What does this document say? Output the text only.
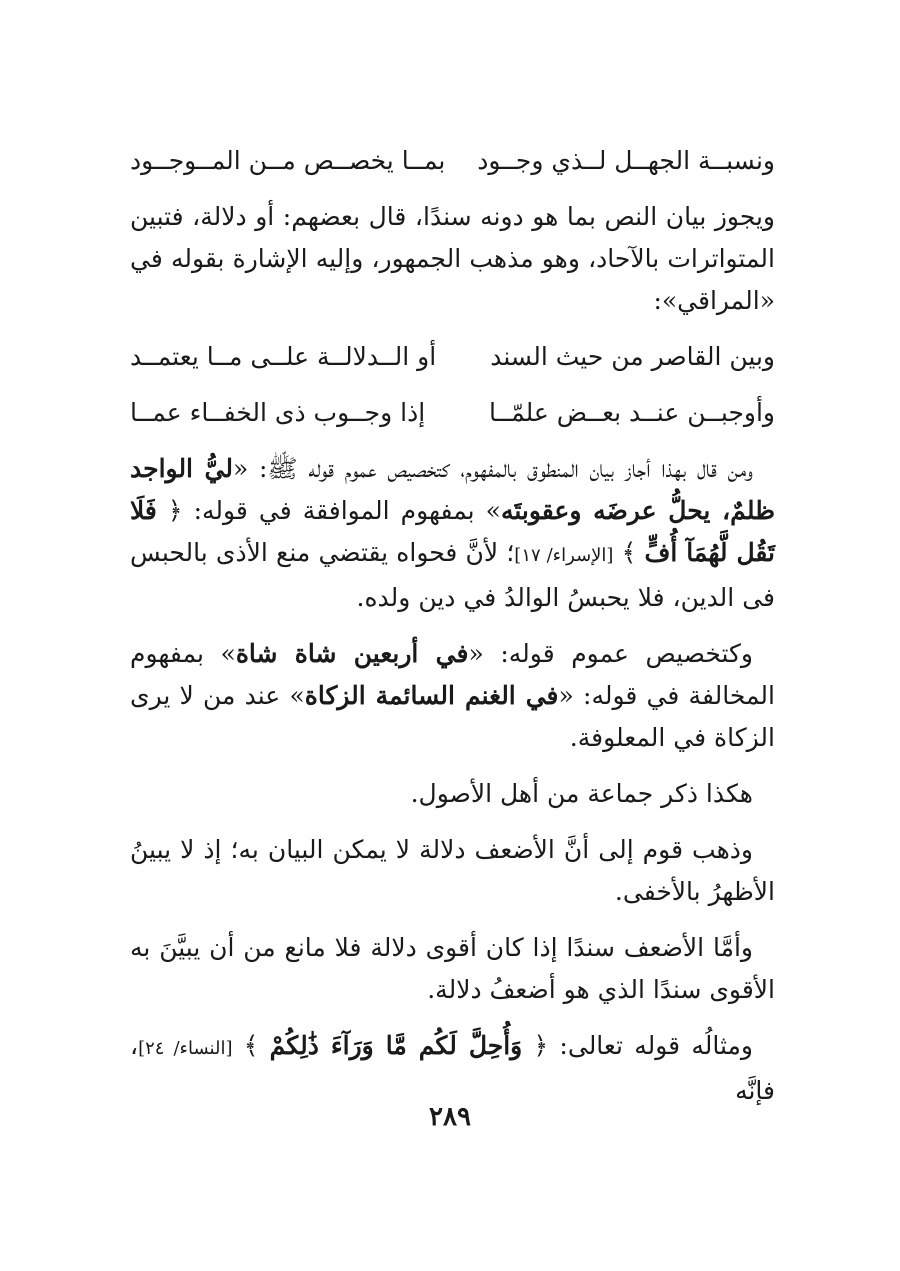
ونسبــة الجهــل لــذي وجــود
بمــا يخصــص مــن المــوجــود

ويجوز بيان النص بما هو دونه سندًا، قال بعضهم: أو دلالة، فتبين المتواترات بالآحاد، وهو مذهب الجمهور، وإليه الإشارة بقوله في «المراقي»:

وبين القاصر من حيث السند
أو الــدلالــة علــى مــا يعتمــد
وأوجبــن عنــد بعــض علمّــا
إذا وجــوب ذى الخفــاء عمــا

ومن قال بهذا أجاز بيان المنطوق بالمفهوم، كتخصيص عموم قوله ﷺ: «ليُّ الواجد ظلمٌ، يحلُّ عرضَه وعقوبتَه» بمفهوم الموافقة في قوله: ﴿ فَلَا تَقُل لَّهُمَآ أُفٍّ ﴾ [الإسراء/ ١٧]؛ لأنَّ فحواه يقتضي منع الأذى بالحبس فى الدين، فلا يحبسُ الوالدُ في دين ولده.

وكتخصيص عموم قوله: «في أربعين شاة شاة» بمفهوم المخالفة في قوله: «في الغنم السائمة الزكاة» عند من لا يرى الزكاة في المعلوفة.

هكذا ذكر جماعة من أهل الأصول.

وذهب قوم إلى أنَّ الأضعف دلالة لا يمكن البيان به؛ إذ لا يبينُ الأظهرُ بالأخفى.

وأمَّا الأضعف سندًا إذا كان أقوى دلالة فلا مانع من أن يبيَّنَ به الأقوى سندًا الذي هو أضعفُ دلالة.

ومثالُه قوله تعالى: ﴿ وَأُحِلَّ لَكُم مَّا وَرَآءَ ذَٰلِكُمْ ﴾ [النساء/ ٢٤]، فإنَّه

٢٨٩
